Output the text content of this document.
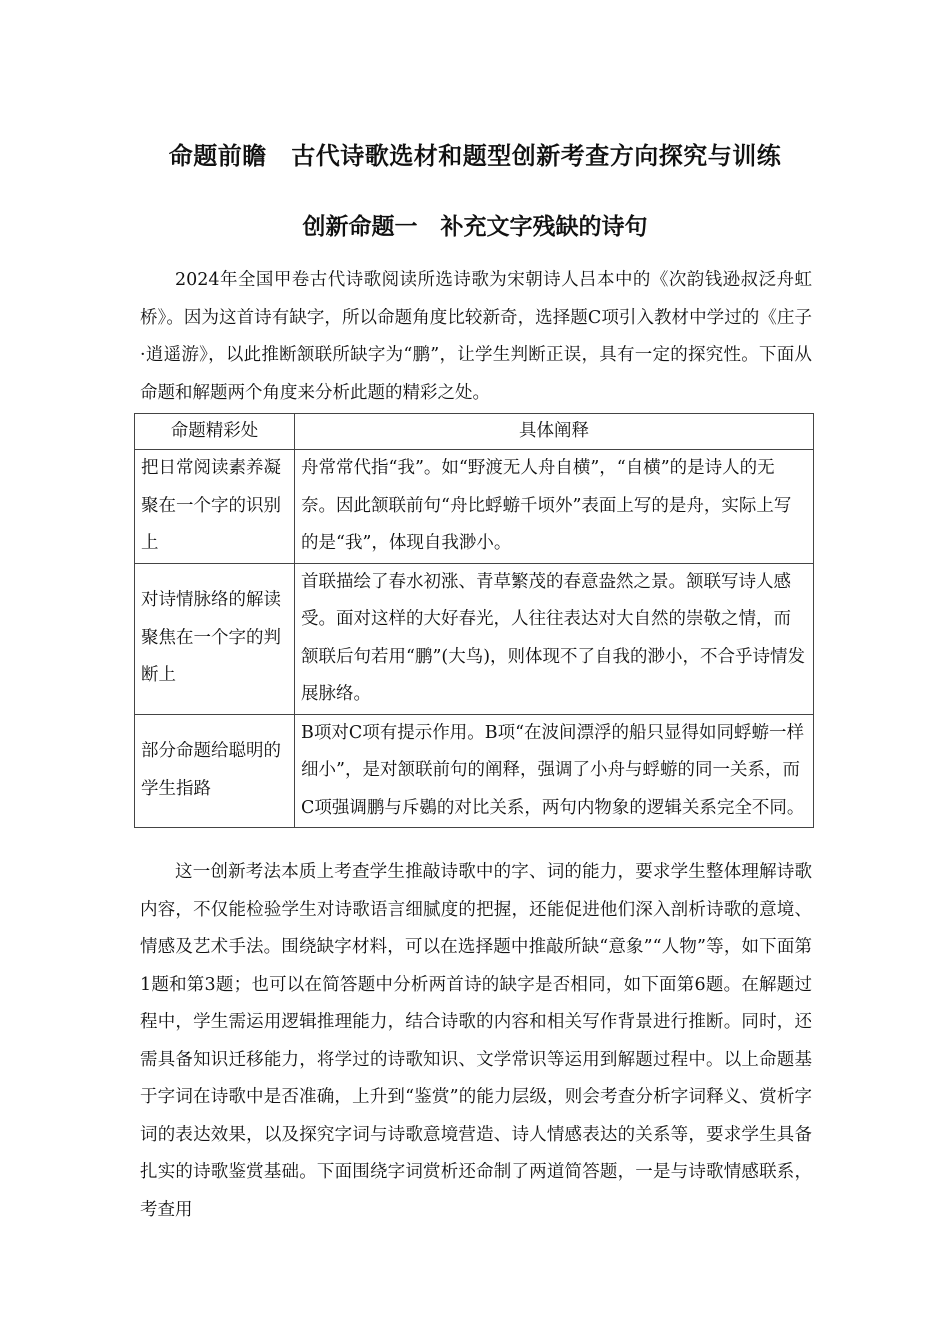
命题前瞻　古代诗歌选材和题型创新考查方向探究与训练
创新命题一　补充文字残缺的诗句

2024年全国甲卷古代诗歌阅读所选诗歌为宋朝诗人吕本中的《次韵钱逊叔泛舟虹桥》。因为这首诗有缺字，所以命题角度比较新奇，选择题C项引入教材中学过的《庄子·逍遥游》，以此推断颔联所缺字为“鹏”，让学生判断正误，具有一定的探究性。下面从命题和解题两个角度来分析此题的精彩之处。

命题精彩处	具体阐释
把日常阅读素养凝聚在一个字的识别上	舟常常代指“我”。如“野渡无人舟自横”，“自横”的是诗人的无奈。因此颔联前句“舟比蜉蝣千顷外”表面上写的是舟，实际上写的是“我”，体现自我渺小。
对诗情脉络的解读聚焦在一个字的判断上	首联描绘了春水初涨、青草繁茂的春意盎然之景。颔联写诗人感受。面对这样的大好春光，人往往表达对大自然的崇敬之情，而颔联后句若用“鹏”(大鸟)，则体现不了自我的渺小，不合乎诗情发展脉络。
部分命题给聪明的学生指路	B项对C项有提示作用。B项“在波间漂浮的船只显得如同蜉蝣一样细小”，是对颔联前句的阐释，强调了小舟与蜉蝣的同一关系，而C项强调鹏与斥鷃的对比关系，两句内物象的逻辑关系完全不同。

这一创新考法本质上考查学生推敲诗歌中的字、词的能力，要求学生整体理解诗歌内容，不仅能检验学生对诗歌语言细腻度的把握，还能促进他们深入剖析诗歌的意境、情感及艺术手法。围绕缺字材料，可以在选择题中推敲所缺“意象”“人物”等，如下面第1题和第3题；也可以在简答题中分析两首诗的缺字是否相同，如下面第6题。在解题过程中，学生需运用逻辑推理能力，结合诗歌的内容和相关写作背景进行推断。同时，还需具备知识迁移能力，将学过的诗歌知识、文学常识等运用到解题过程中。以上命题基于字词在诗歌中是否准确，上升到“鉴赏”的能力层级，则会考查分析字词释义、赏析字词的表达效果，以及探究字词与诗歌意境营造、诗人情感表达的关系等，要求学生具备扎实的诗歌鉴赏基础。下面围绕字词赏析还命制了两道简答题，一是与诗歌情感联系，考查用
